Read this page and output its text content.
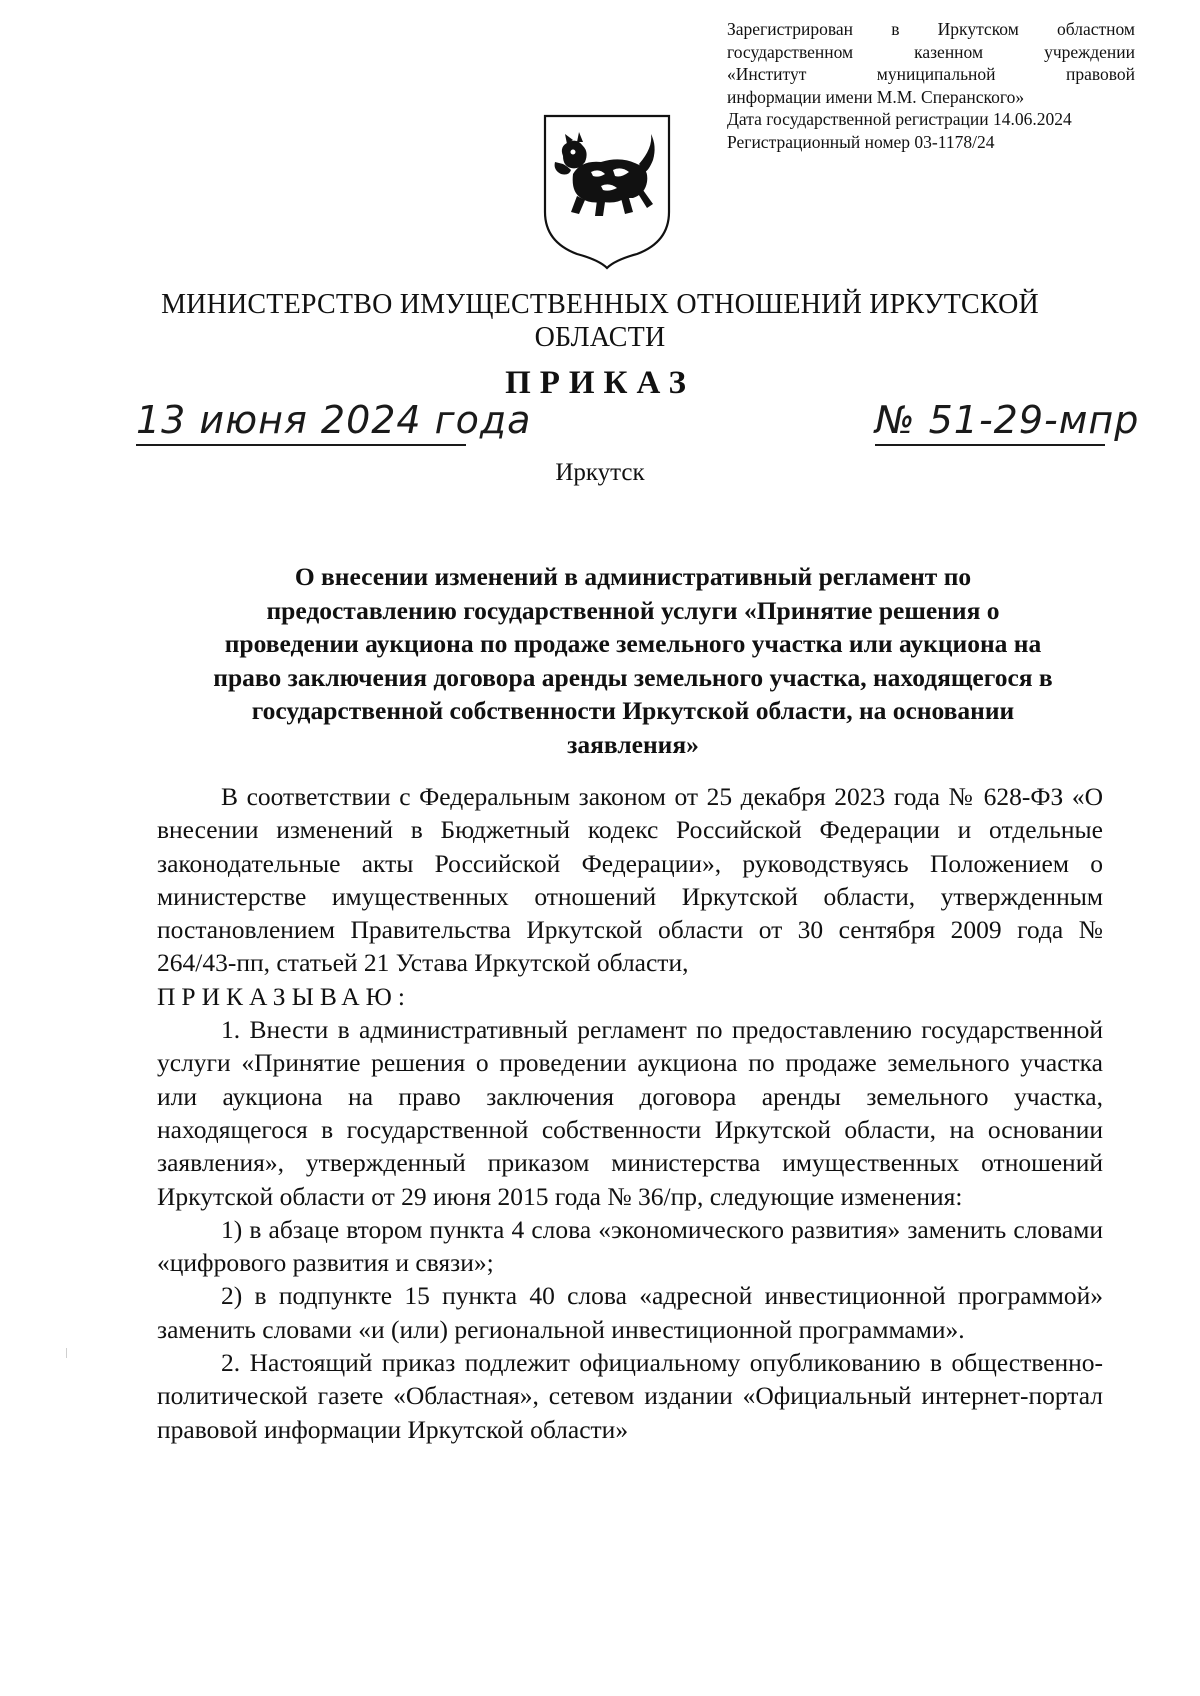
Зарегистрирован в Иркутском областном
государственном казенном учреждении
«Институт муниципальной правовой
информации имени М.М. Сперанского»
Дата государственной регистрации 14.06.2024
Регистрационный номер 03-1178/24
МИНИСТЕРСТВО ИМУЩЕСТВЕННЫХ ОТНОШЕНИЙ ИРКУТСКОЙ
ОБЛАСТИ
ПРИКАЗ
13 июня 2024 года	№ 51-29-мпр
Иркутск
О внесении изменений в административный регламент по
предоставлению государственной услуги «Принятие решения о
проведении аукциона по продаже земельного участка или аукциона на
право заключения договора аренды земельного участка, находящегося в
государственной собственности Иркутской области, на основании
заявления»

В соответствии с Федеральным законом от 25 декабря 2023 года № 628-ФЗ «О внесении изменений в Бюджетный кодекс Российской Федерации и отдельные законодательные акты Российской Федерации», руководствуясь Положением о министерстве имущественных отношений Иркутской области, утвержденным постановлением Правительства Иркутской области от 30 сентября 2009 года № 264/43-пп, статьей 21 Устава Иркутской области,

ПРИКАЗЫВАЮ:

1. Внести в административный регламент по предоставлению государственной услуги «Принятие решения о проведении аукциона по продаже земельного участка или аукциона на право заключения договора аренды земельного участка, находящегося в государственной собственности Иркутской области, на основании заявления», утвержденный приказом министерства имущественных отношений Иркутской области от 29 июня 2015 года № 36/пр, следующие изменения:

1) в абзаце втором пункта 4 слова «экономического развития» заменить словами «цифрового развития и связи»;

2) в подпункте 15 пункта 40 слова «адресной инвестиционной программой» заменить словами «и (или) региональной инвестиционной программами».

2. Настоящий приказ подлежит официальному опубликованию в общественно-политической газете «Областная», сетевом издании «Официальный интернет-портал правовой информации Иркутской области»
